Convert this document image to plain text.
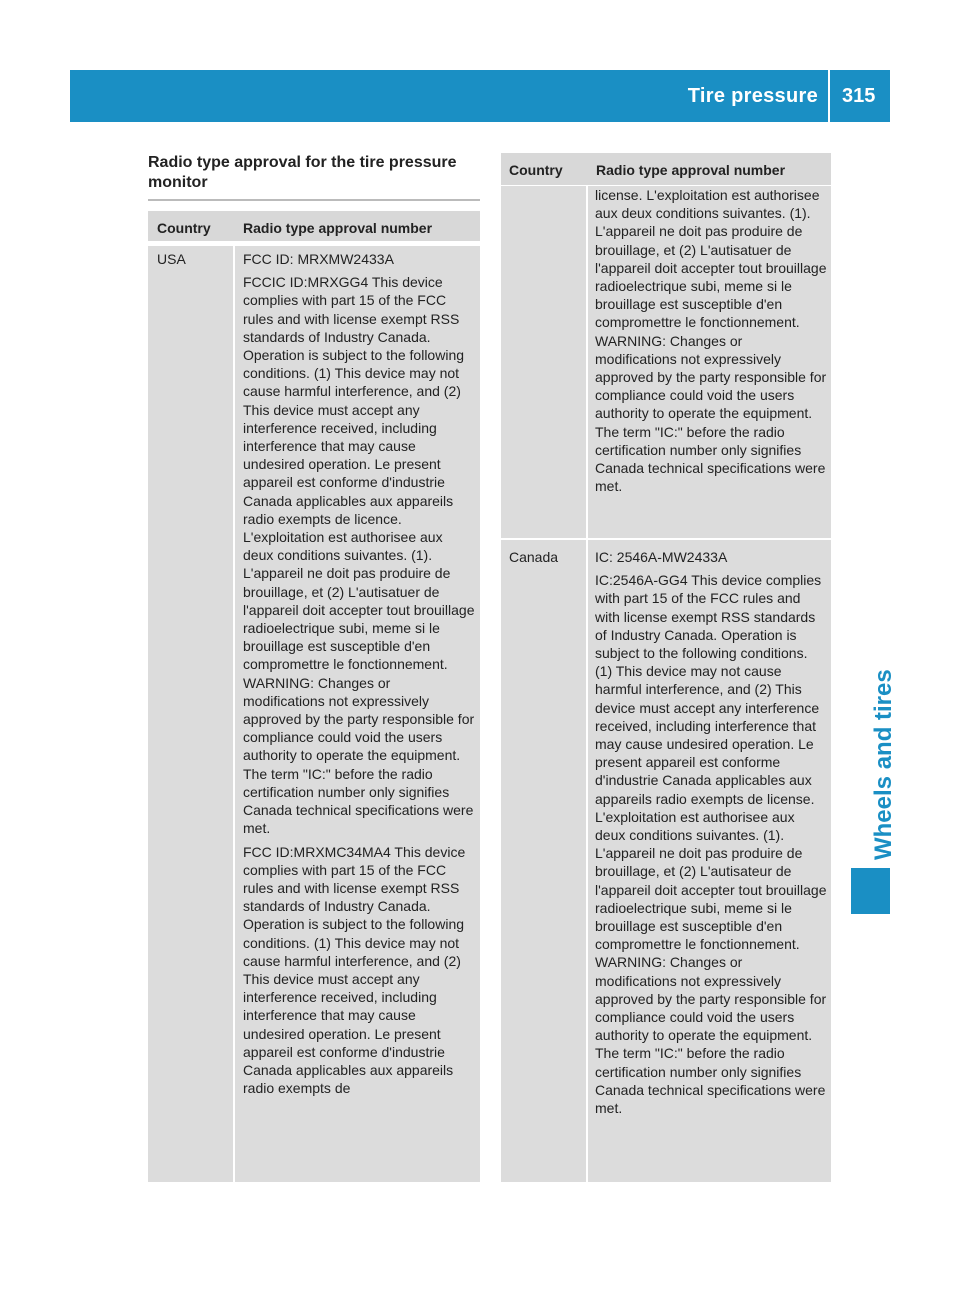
Tire pressure 315
Wheels and tires
Radio type approval for the tire pressure monitor
Country Radio type approval number
USA	FCC ID: MRXMW2433A

FCCIC ID:MRXGG4 This device complies with part 15 of the FCC rules and with license exempt RSS standards of Industry Canada. Operation is subject to the following conditions. (1) This device may not cause harmful interference, and (2) This device must accept any interference received, including interference that may cause undesired operation. Le present appareil est conforme d'industrie Canada applicables aux appareils radio exempts de licence. L'exploitation est authorisee aux deux conditions suivantes. (1). L'appareil ne doit pas produire de brouillage, et (2) L'autisatuer de l'appareil doit accepter tout brouillage radioelectrique subi, meme si le brouillage est susceptible d'en compromettre le fonctionnement. WARNING: Changes or modifications not expressively approved by the party responsible for compliance could void the users authority to operate the equipment. The term "IC:" before the radio certification number only signifies Canada technical specifications were met.

FCC ID:MRXMC34MA4 This device complies with part 15 of the FCC rules and with license exempt RSS standards of Industry Canada. Operation is subject to the following conditions. (1) This device may not cause harmful interference, and (2) This device must accept any interference received, including interference that may cause undesired operation. Le present appareil est conforme d'industrie Canada applicables aux appareils radio exempts de

Country Radio type approval number
license. L'exploitation est authorisee aux deux conditions suivantes. (1). L'appareil ne doit pas produire de brouillage, et (2) L'autisatuer de l'appareil doit accepter tout brouillage radioelectrique subi, meme si le brouillage est susceptible d'en compromettre le fonctionnement. WARNING: Changes or modifications not expressively approved by the party responsible for compliance could void the users authority to operate the equipment. The term "IC:" before the radio certification number only signifies Canada technical specifications were met.
Canada	IC: 2546A-MW2433A

IC:2546A-GG4 This device complies with part 15 of the FCC rules and with license exempt RSS standards of Industry Canada. Operation is subject to the following conditions. (1) This device may not cause harmful interference, and (2) This device must accept any interference received, including interference that may cause undesired operation. Le present appareil est conforme d'industrie Canada applicables aux appareils radio exempts de license. L'exploitation est authorisee aux deux conditions suivantes. (1). L'appareil ne doit pas produire de brouillage, et (2) L'autisateur de l'appareil doit accepter tout brouillage radioelectrique subi, meme si le brouillage est susceptible d'en compromettre le fonctionnement. WARNING: Changes or modifications not expressively approved by the party responsible for compliance could void the users authority to operate the equipment. The term "IC:" before the radio certification number only signifies Canada technical specifications were met.
